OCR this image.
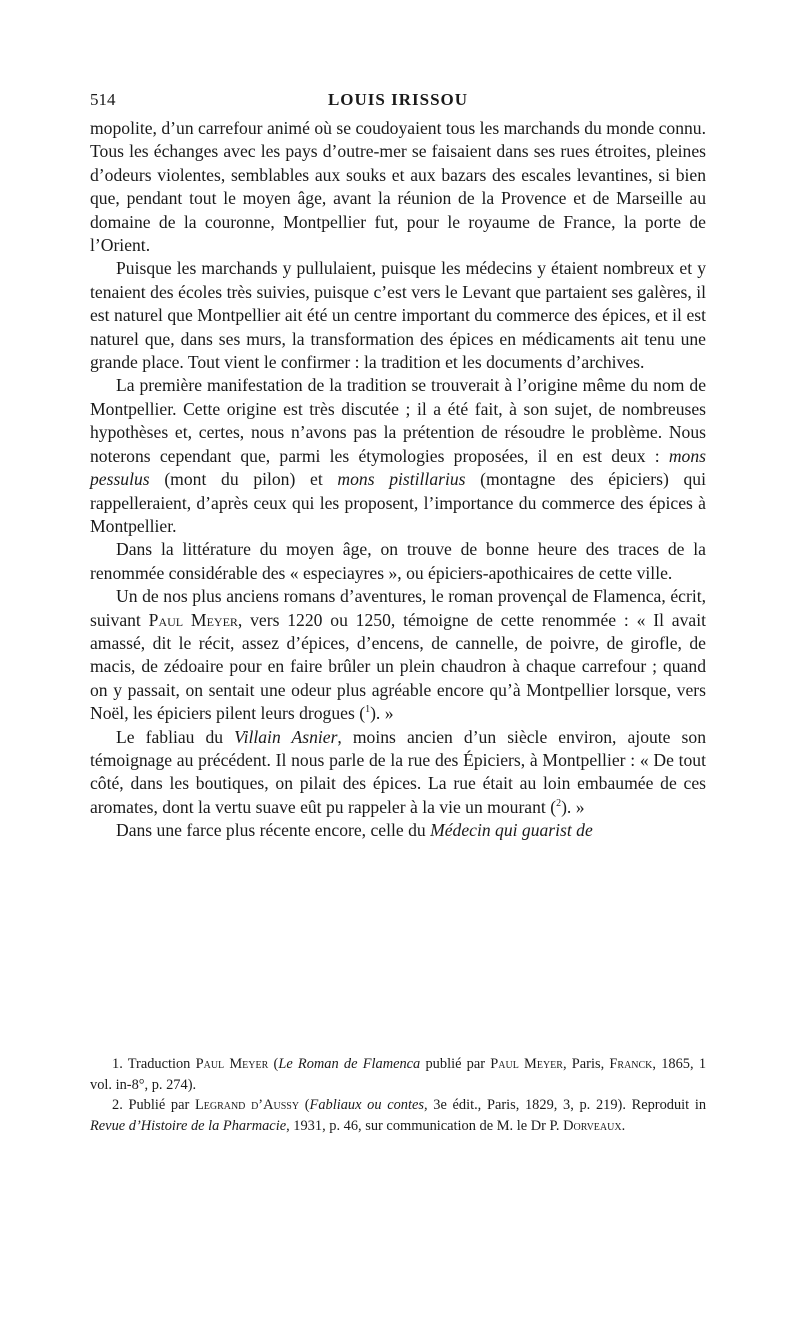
514	LOUIS IRISSOU

mopolite, d’un carrefour animé où se coudoyaient tous les marchands du monde connu. Tous les échanges avec les pays d’outre-mer se faisaient dans ses rues étroites, pleines d’odeurs violentes, semblables aux souks et aux bazars des escales levantines, si bien que, pendant tout le moyen âge, avant la réunion de la Provence et de Marseille au domaine de la couronne, Montpellier fut, pour le royaume de France, la porte de l’Orient.

Puisque les marchands y pullulaient, puisque les médecins y étaient nombreux et y tenaient des écoles très suivies, puisque c’est vers le Levant que partaient ses galères, il est naturel que Montpellier ait été un centre important du commerce des épices, et il est naturel que, dans ses murs, la transformation des épices en médicaments ait tenu une grande place. Tout vient le confirmer : la tradition et les documents d’archives.

La première manifestation de la tradition se trouverait à l’origine même du nom de Montpellier. Cette origine est très discutée ; il a été fait, à son sujet, de nombreuses hypothèses et, certes, nous n’avons pas la prétention de résoudre le problème. Nous noterons cependant que, parmi les étymologies proposées, il en est deux : mons pessulus (mont du pilon) et mons pistillarius (montagne des épiciers) qui rappelleraient, d’après ceux qui les proposent, l’importance du commerce des épices à Montpellier.

Dans la littérature du moyen âge, on trouve de bonne heure des traces de la renommée considérable des « especiayres », ou épiciers-apothicaires de cette ville.

Un de nos plus anciens romans d’aventures, le roman provençal de Flamenca, écrit, suivant Paul Meyer, vers 1220 ou 1250, témoigne de cette renommée : « Il avait amassé, dit le récit, assez d’épices, d’encens, de cannelle, de poivre, de girofle, de macis, de zédoaire pour en faire brûler un plein chaudron à chaque carrefour ; quand on y passait, on sentait une odeur plus agréable encore qu’à Montpellier lorsque, vers Noël, les épiciers pilent leurs drogues ($^1$). »

Le fabliau du Villain Asnier, moins ancien d’un siècle environ, ajoute son témoignage au précédent. Il nous parle de la rue des Épiciers, à Montpellier : « De tout côté, dans les boutiques, on pilait des épices. La rue était au loin embaumée de ces aromates, dont la vertu suave eût pu rappeler à la vie un mourant ($^2$). »

Dans une farce plus récente encore, celle du Médecin qui guarist de

1. Traduction Paul Meyer (Le Roman de Flamenca publié par Paul Meyer, Paris, Franck, 1865, 1 vol. in-8°, p. 274).

2. Publié par Legrand d’Aussy (Fabliaux ou contes, 3e édit., Paris, 1829, 3, p. 219). Reproduit in Revue d’Histoire de la Pharmacie, 1931, p. 46, sur communication de M. le Dr P. Dorveaux.
